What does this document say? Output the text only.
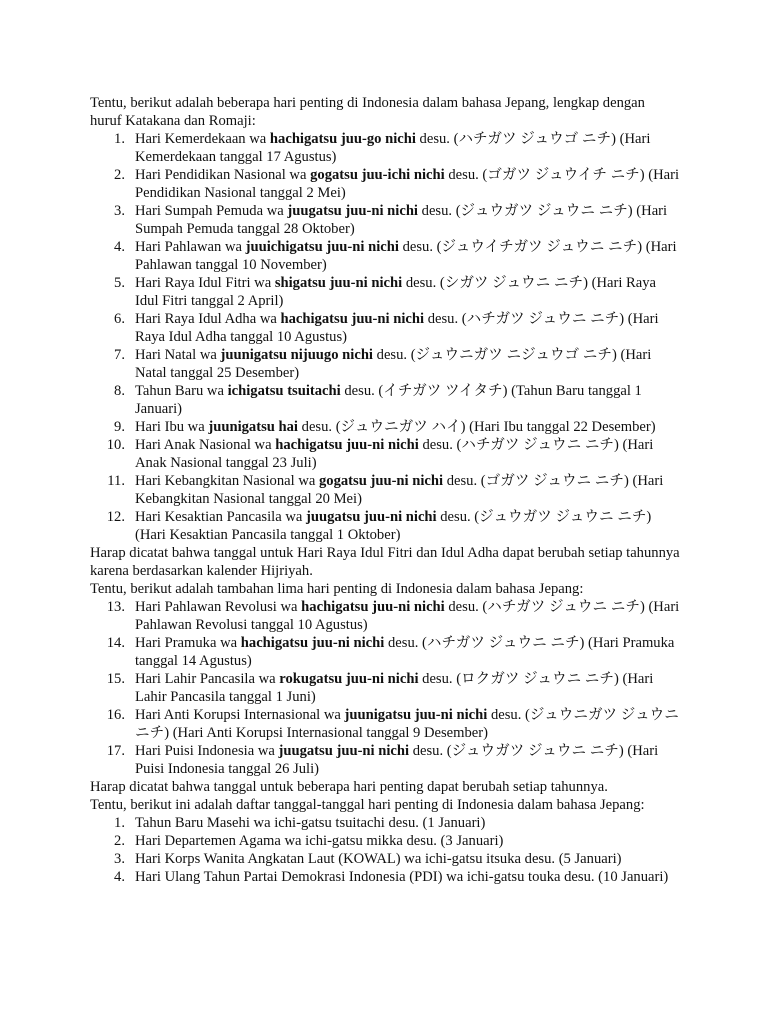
Tentu, berikut adalah beberapa hari penting di Indonesia dalam bahasa Jepang, lengkap dengan huruf Katakana dan Romaji:

1. Hari Kemerdekaan wa hachigatsu juu-go nichi desu. (ハチガツ ジュウゴ ニチ) (Hari Kemerdekaan tanggal 17 Agustus)
2. Hari Pendidikan Nasional wa gogatsu juu-ichi nichi desu. (ゴガツ ジュウイチ ニチ) (Hari Pendidikan Nasional tanggal 2 Mei)
3. Hari Sumpah Pemuda wa juugatsu juu-ni nichi desu. (ジュウガツ ジュウニ ニチ) (Hari Sumpah Pemuda tanggal 28 Oktober)
4. Hari Pahlawan wa juuichigatsu juu-ni nichi desu. (ジュウイチガツ ジュウニ ニチ) (Hari Pahlawan tanggal 10 November)
5. Hari Raya Idul Fitri wa shigatsu juu-ni nichi desu. (シガツ ジュウニ ニチ) (Hari Raya Idul Fitri tanggal 2 April)
6. Hari Raya Idul Adha wa hachigatsu juu-ni nichi desu. (ハチガツ ジュウニ ニチ) (Hari Raya Idul Adha tanggal 10 Agustus)
7. Hari Natal wa juunigatsu nijuugo nichi desu. (ジュウニガツ ニジュウゴ ニチ) (Hari Natal tanggal 25 Desember)
8. Tahun Baru wa ichigatsu tsuitachi desu. (イチガツ ツイタチ) (Tahun Baru tanggal 1 Januari)
9. Hari Ibu wa juunigatsu hai desu. (ジュウニガツ ハイ) (Hari Ibu tanggal 22 Desember)
10. Hari Anak Nasional wa hachigatsu juu-ni nichi desu. (ハチガツ ジュウニ ニチ) (Hari Anak Nasional tanggal 23 Juli)
11. Hari Kebangkitan Nasional wa gogatsu juu-ni nichi desu. (ゴガツ ジュウニ ニチ) (Hari Kebangkitan Nasional tanggal 20 Mei)
12. Hari Kesaktian Pancasila wa juugatsu juu-ni nichi desu. (ジュウガツ ジュウニ ニチ) (Hari Kesaktian Pancasila tanggal 1 Oktober)

Harap dicatat bahwa tanggal untuk Hari Raya Idul Fitri dan Idul Adha dapat berubah setiap tahunnya karena berdasarkan kalender Hijriyah.

Tentu, berikut adalah tambahan lima hari penting di Indonesia dalam bahasa Jepang:

13. Hari Pahlawan Revolusi wa hachigatsu juu-ni nichi desu. (ハチガツ ジュウニ ニチ) (Hari Pahlawan Revolusi tanggal 10 Agustus)
14. Hari Pramuka wa hachigatsu juu-ni nichi desu. (ハチガツ ジュウニ ニチ) (Hari Pramuka tanggal 14 Agustus)
15. Hari Lahir Pancasila wa rokugatsu juu-ni nichi desu. (ロクガツ ジュウニ ニチ) (Hari Lahir Pancasila tanggal 1 Juni)
16. Hari Anti Korupsi Internasional wa juunigatsu juu-ni nichi desu. (ジュウニガツ ジュウニ ニチ) (Hari Anti Korupsi Internasional tanggal 9 Desember)
17. Hari Puisi Indonesia wa juugatsu juu-ni nichi desu. (ジュウガツ ジュウニ ニチ) (Hari Puisi Indonesia tanggal 26 Juli)

Harap dicatat bahwa tanggal untuk beberapa hari penting dapat berubah setiap tahunnya.

Tentu, berikut ini adalah daftar tanggal-tanggal hari penting di Indonesia dalam bahasa Jepang:

1. Tahun Baru Masehi wa ichi-gatsu tsuitachi desu. (1 Januari)
2. Hari Departemen Agama wa ichi-gatsu mikka desu. (3 Januari)
3. Hari Korps Wanita Angkatan Laut (KOWAL) wa ichi-gatsu itsuka desu. (5 Januari)
4. Hari Ulang Tahun Partai Demokrasi Indonesia (PDI) wa ichi-gatsu touka desu. (10 Januari)
